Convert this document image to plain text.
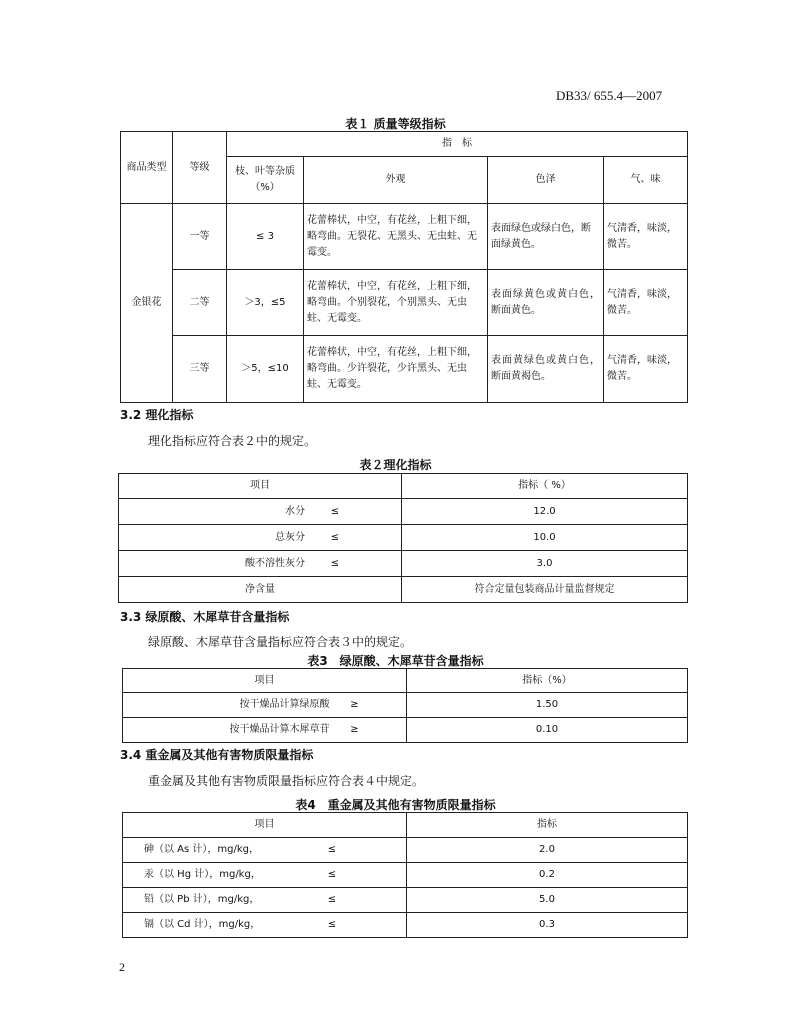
DB33/ 655.4—2007
表１ 质量等级指标
商品类型	等级	指　标			
		枝、叶等杂质（%）	外观	色泽	气、味
金银花	一等	≤ 3	花蕾棒状，中空，有花丝，上粗下细，略弯曲。无裂花、无黑头、无虫蛀、无霉变。	表面绿色或绿白色，断面绿黄色。	气清香，味淡，微苦。
	二等	＞3，≤5	花蕾棒状，中空，有花丝，上粗下细，略弯曲。个别裂花，个别黑头、无虫蛀、无霉变。	表面绿黄色或黄白色，断面黄色。	气清香，味淡，微苦。
	三等	＞5，≤10	花蕾棒状，中空，有花丝，上粗下细，略弯曲。少许裂花，少许黑头、无虫蛀、无霉变。	表面黄绿色或黄白色，断面黄褐色。	气清香，味淡，微苦。
3.2 理化指标
理化指标应符合表２中的规定。
表２理化指标
项目	指标（ %）
水分 ≤	12.0
总灰分 ≤	10.0
酸不溶性灰分 ≤	3.0
净含量	符合定量包装商品计量监督规定
3.3 绿原酸、木犀草苷含量指标
绿原酸、木犀草苷含量指标应符合表３中的规定。
表3　绿原酸、木犀草苷含量指标
项目	指标（%）
按干燥品计算绿原酸 ≥	1.50
按干燥品计算木犀草苷 ≥	0.10
3.4 重金属及其他有害物质限量指标
重金属及其他有害物质限量指标应符合表４中规定。
表4　重金属及其他有害物质限量指标
项目	指标
砷（以 As 计），mg/kg， ≤	2.0
汞（以 Hg 计），mg/kg， ≤	0.2
铅（以 Pb 计），mg/kg， ≤	5.0
镉（以 Cd 计），mg/kg， ≤	0.3
2
